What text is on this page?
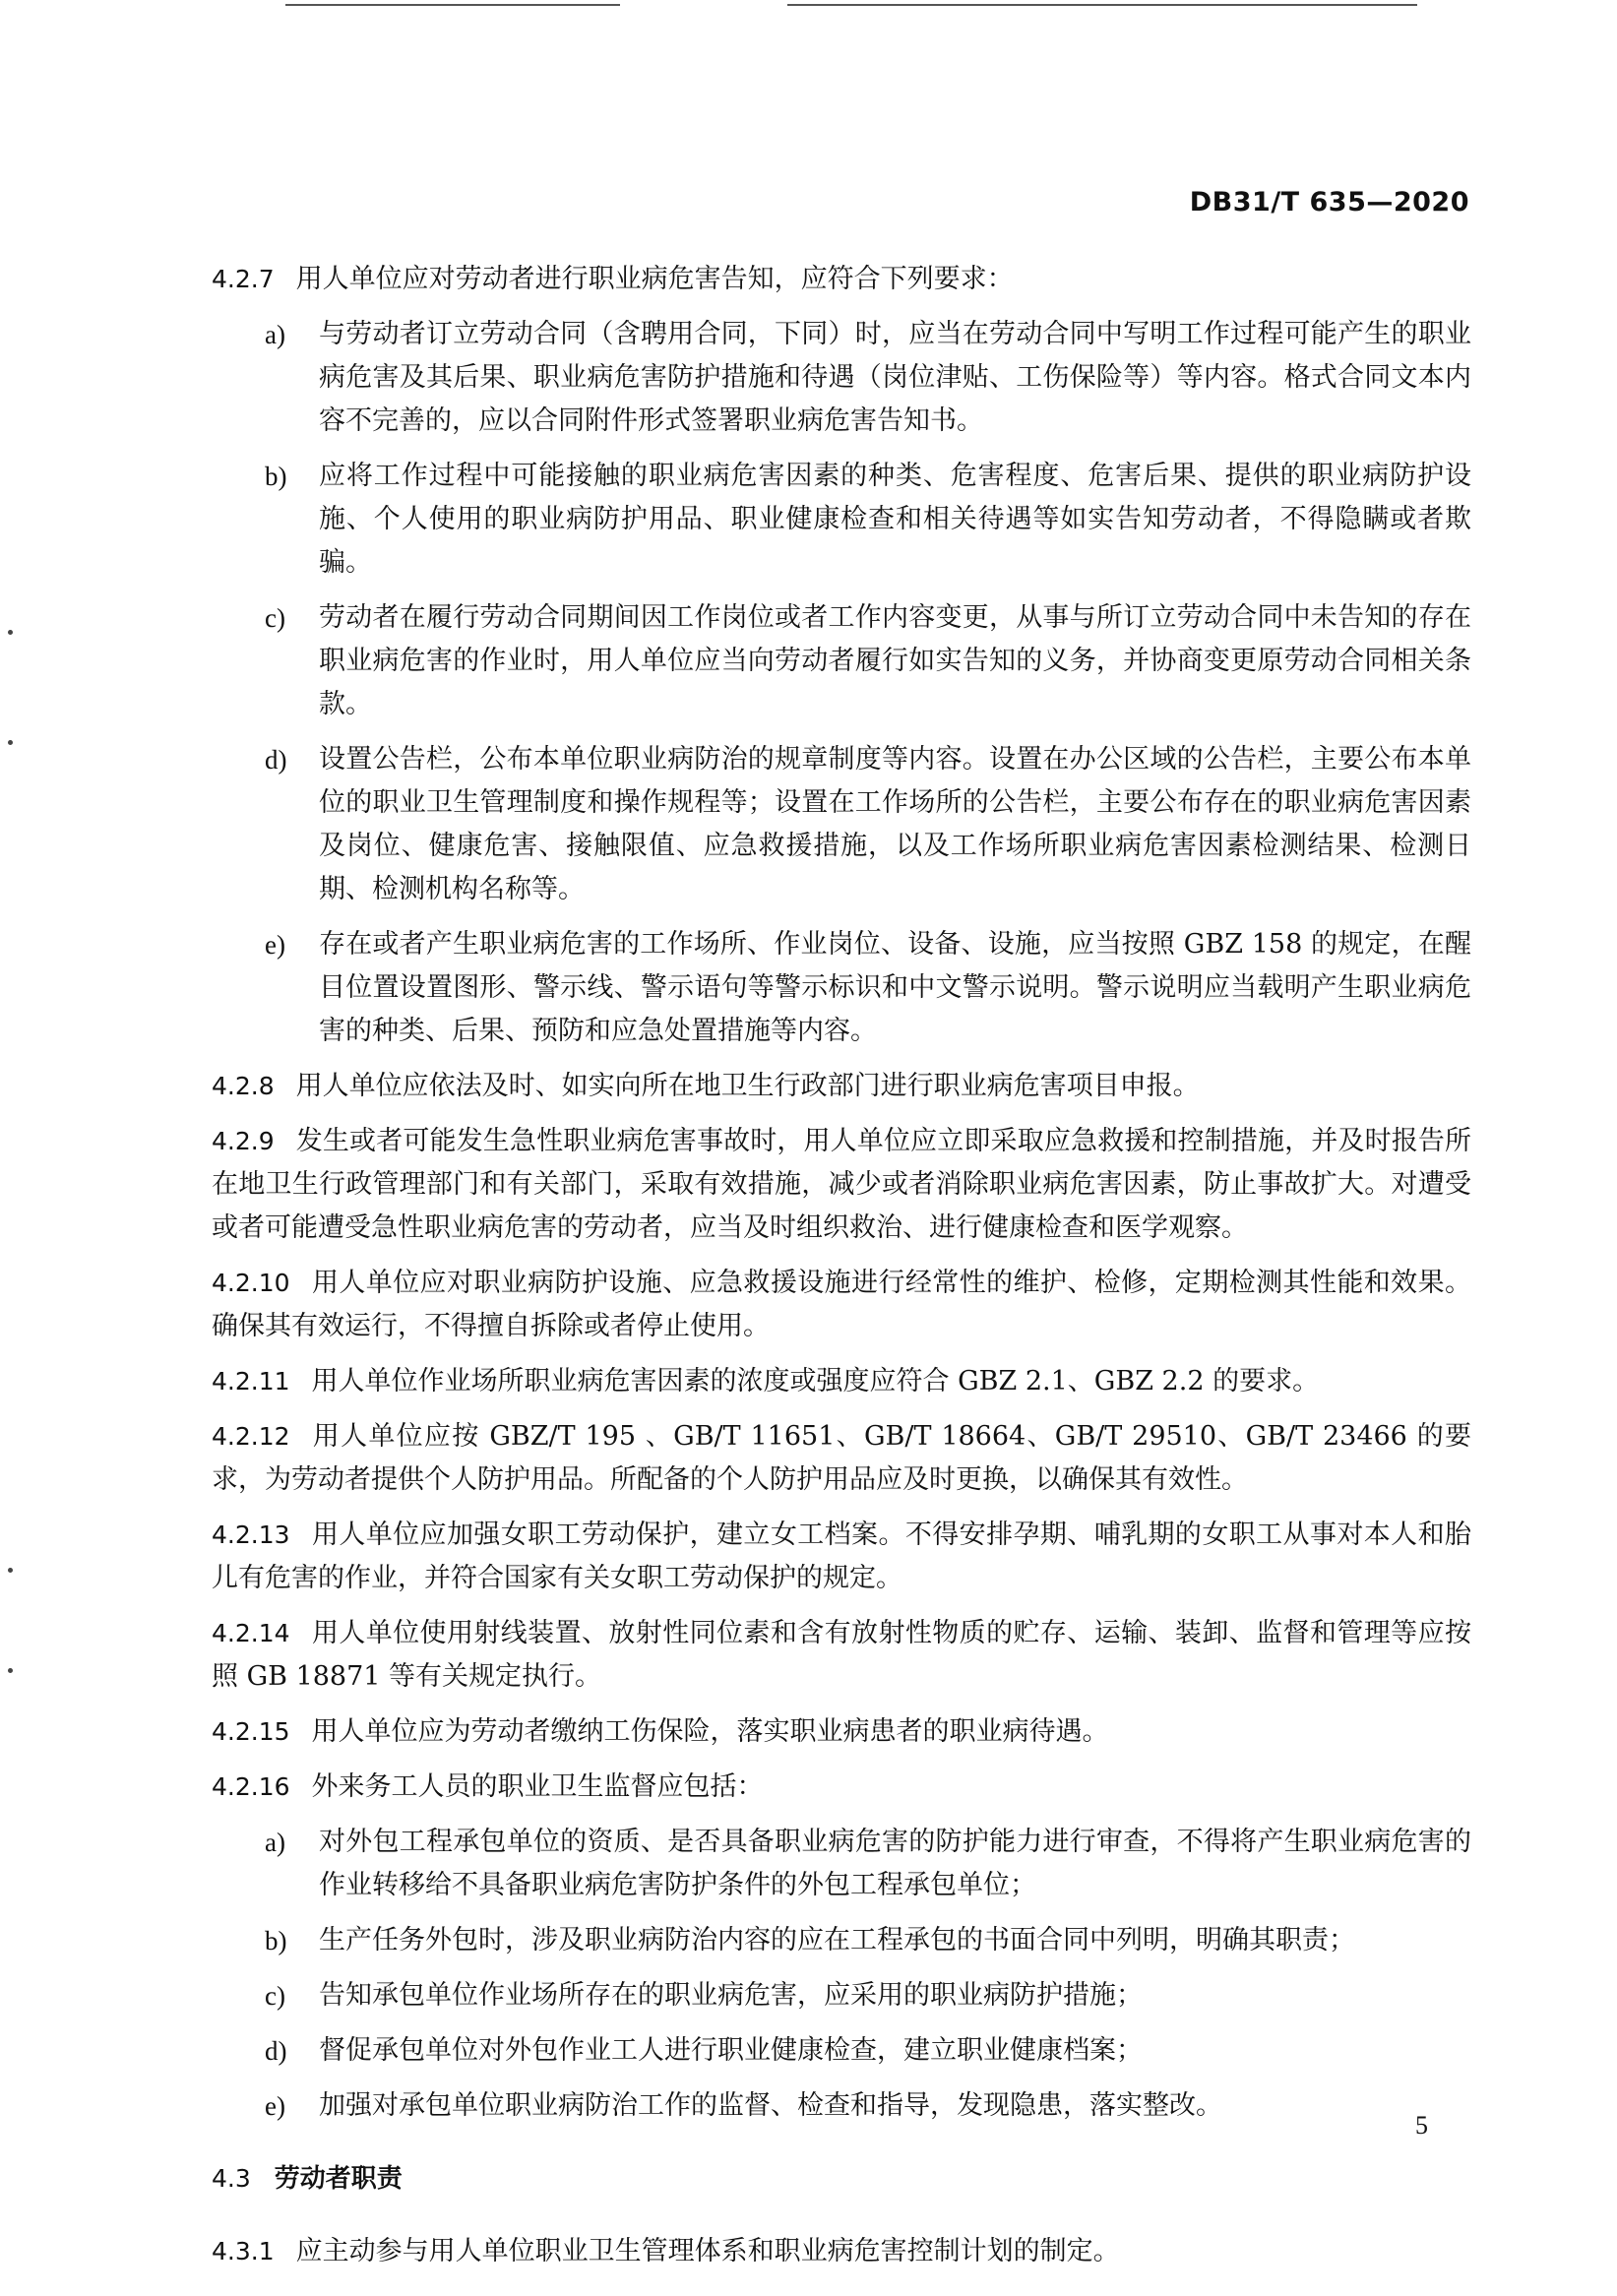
DB31/T 635—2020
4.2.7 用人单位应对劳动者进行职业病危害告知，应符合下列要求：
a)	与劳动者订立劳动合同（含聘用合同，下同）时，应当在劳动合同中写明工作过程可能产生的职业病危害及其后果、职业病危害防护措施和待遇（岗位津贴、工伤保险等）等内容。格式合同文本内容不完善的，应以合同附件形式签署职业病危害告知书。
b)	应将工作过程中可能接触的职业病危害因素的种类、危害程度、危害后果、提供的职业病防护设施、个人使用的职业病防护用品、职业健康检查和相关待遇等如实告知劳动者，不得隐瞒或者欺骗。
c)	劳动者在履行劳动合同期间因工作岗位或者工作内容变更，从事与所订立劳动合同中未告知的存在职业病危害的作业时，用人单位应当向劳动者履行如实告知的义务，并协商变更原劳动合同相关条款。
d)	设置公告栏，公布本单位职业病防治的规章制度等内容。设置在办公区域的公告栏，主要公布本单位的职业卫生管理制度和操作规程等；设置在工作场所的公告栏，主要公布存在的职业病危害因素及岗位、健康危害、接触限值、应急救援措施，以及工作场所职业病危害因素检测结果、检测日期、检测机构名称等。
e)	存在或者产生职业病危害的工作场所、作业岗位、设备、设施，应当按照 GBZ 158 的规定，在醒目位置设置图形、警示线、警示语句等警示标识和中文警示说明。警示说明应当载明产生职业病危害的种类、后果、预防和应急处置措施等内容。
4.2.8 用人单位应依法及时、如实向所在地卫生行政部门进行职业病危害项目申报。
4.2.9 发生或者可能发生急性职业病危害事故时，用人单位应立即采取应急救援和控制措施，并及时报告所在地卫生行政管理部门和有关部门，采取有效措施，减少或者消除职业病危害因素，防止事故扩大。对遭受或者可能遭受急性职业病危害的劳动者，应当及时组织救治、进行健康检查和医学观察。
4.2.10 用人单位应对职业病防护设施、应急救援设施进行经常性的维护、检修，定期检测其性能和效果。确保其有效运行，不得擅自拆除或者停止使用。
4.2.11 用人单位作业场所职业病危害因素的浓度或强度应符合 GBZ 2.1、GBZ 2.2 的要求。
4.2.12 用人单位应按 GBZ/T 195 、GB/T 11651、GB/T 18664、GB/T 29510、GB/T 23466 的要求，为劳动者提供个人防护用品。所配备的个人防护用品应及时更换，以确保其有效性。
4.2.13 用人单位应加强女职工劳动保护，建立女工档案。不得安排孕期、哺乳期的女职工从事对本人和胎儿有危害的作业，并符合国家有关女职工劳动保护的规定。
4.2.14 用人单位使用射线装置、放射性同位素和含有放射性物质的贮存、运输、装卸、监督和管理等应按照 GB 18871 等有关规定执行。
4.2.15 用人单位应为劳动者缴纳工伤保险，落实职业病患者的职业病待遇。
4.2.16 外来务工人员的职业卫生监督应包括：
a)	对外包工程承包单位的资质、是否具备职业病危害的防护能力进行审查，不得将产生职业病危害的作业转移给不具备职业病危害防护条件的外包工程承包单位；
b)	生产任务外包时，涉及职业病防治内容的应在工程承包的书面合同中列明，明确其职责；
c)	告知承包单位作业场所存在的职业病危害，应采用的职业病防护措施；
d)	督促承包单位对外包作业工人进行职业健康检查，建立职业健康档案；
e)	加强对承包单位职业病防治工作的监督、检查和指导，发现隐患，落实整改。
4.3 劳动者职责
4.3.1 应主动参与用人单位职业卫生管理体系和职业病危害控制计划的制定。
5
